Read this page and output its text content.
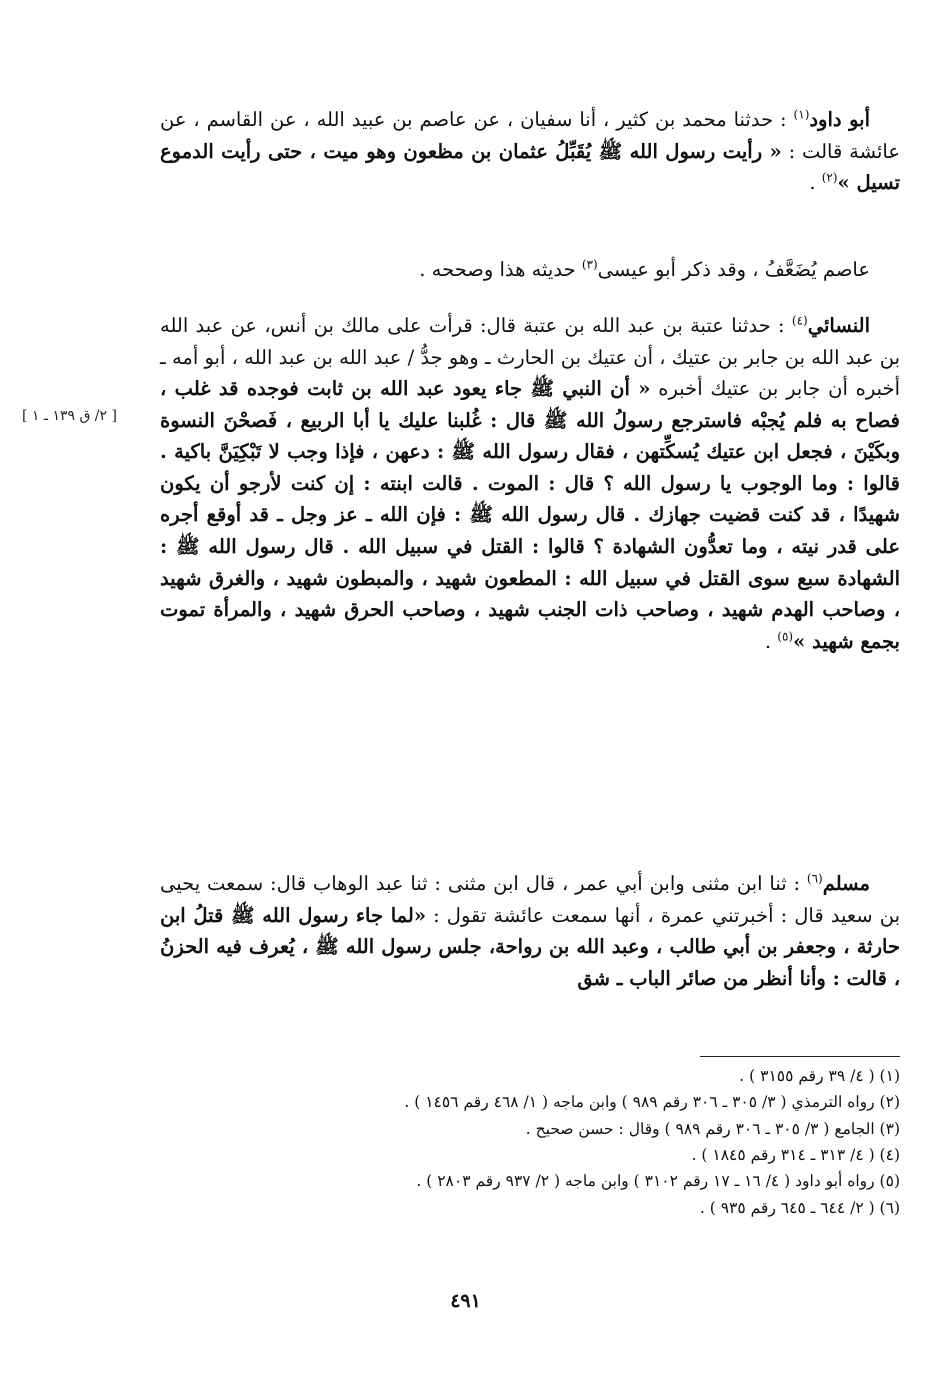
أبو داود$^{(١)}$ : حدثنا محمد بن كثير ، أنا سفيان ، عن عاصم بن عبيد الله ، عن القاسم ، عن عائشة قالت : « رأيت رسول الله ﷺ يُقَبِّلُ عثمان بن مظعون وهو ميت ، حتى رأيت الدموع تسيل »$^{(٢)}$ .

عاصم يُضَعَّفُ ، وقد ذكر أبو عيسى$^{(٣)}$ حديثه هذا وصححه .

النسائي$^{(٤)}$ : حدثنا عتبة بن عبد الله بن عتبة قال: قرأت على مالك بن أنس، عن عبد الله بن عبد الله بن جابر بن عتيك ، أن عتيك بن الحارث ـ وهو جدُّ / عبد الله بن عبد الله ، أبو أمه ـ أخبره أن جابر بن عتيك أخبره « أن النبي ﷺ جاء يعود عبد الله بن ثابت فوجده قد غلب ، فصاح به فلم يُجبْه فاسترجع رسولُ الله ﷺ قال : غُلبنا عليك يا أبا الربيع ، فَصحْنَ النسوة وبكَيْنَ ، فجعل ابن عتيك يُسكِّتهن ، فقال رسول الله ﷺ : دعهن ، فإذا وجب لا تَبْكِيَنَّ باكية . قالوا : وما الوجوب يا رسول الله ؟ قال : الموت . قالت ابنته : إن كنت لأرجو أن يكون شهيدًا ، قد كنت قضيت جهازك . قال رسول الله ﷺ : فإن الله ـ عز وجل ـ قد أوقع أجره على قدر نيته ، وما تعدُّون الشهادة ؟ قالوا : القتل في سبيل الله . قال رسول الله ﷺ : الشهادة سبع سوى القتل في سبيل الله : المطعون شهيد ، والمبطون شهيد ، والغرق شهيد ، وصاحب الهدم شهيد ، وصاحب ذات الجنب شهيد ، وصاحب الحرق شهيد ، والمرأة تموت بجمع شهيد »$^{(٥)}$ .

[ ٢/ ق ١٣٩ ـ ١ ]

مسلم$^{(٦)}$ : ثنا ابن مثنى وابن أبي عمر ، قال ابن مثنى : ثنا عبد الوهاب قال: سمعت يحيى بن سعيد قال : أخبرتني عمرة ، أنها سمعت عائشة تقول : «لما جاء رسول الله ﷺ قتلُ ابن حارثة ، وجعفر بن أبي طالب ، وعبد الله بن رواحة، جلس رسول الله ﷺ ، يُعرف فيه الحزنُ ، قالت : وأنا أنظر من صائر الباب ـ شق

(١) ( ٤/ ٣٩ رقم ٣١٥٥ ) .
(٢) رواه الترمذي ( ٣/ ٣٠٥ ـ ٣٠٦ رقم ٩٨٩ ) وابن ماجه ( ١/ ٤٦٨ رقم ١٤٥٦ ) .
(٣) الجامع ( ٣/ ٣٠٥ ـ ٣٠٦ رقم ٩٨٩ ) وقال : حسن صحيح .
(٤) ( ٤/ ٣١٣ ـ ٣١٤ رقم ١٨٤٥ ) .
(٥) رواه أبو داود ( ٤/ ١٦ ـ ١٧ رقم ٣١٠٢ ) وابن ماجه ( ٢/ ٩٣٧ رقم ٢٨٠٣ ) .
(٦) ( ٢/ ٦٤٤ ـ ٦٤٥ رقم ٩٣٥ ) .
٤٩١
